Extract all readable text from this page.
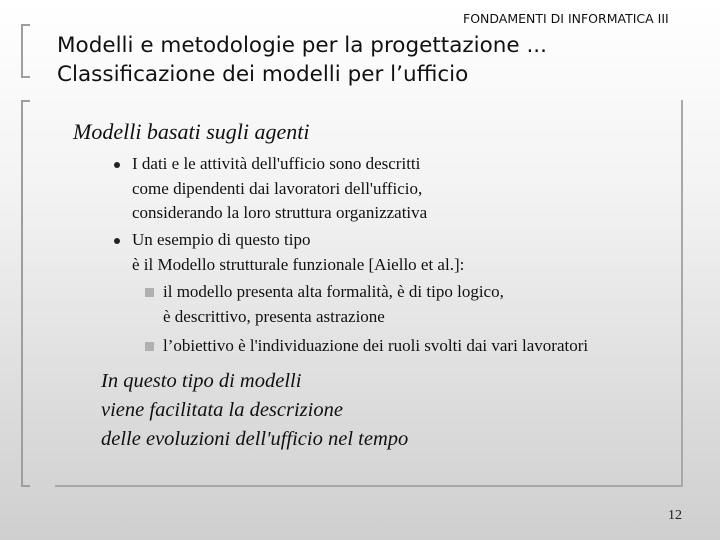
FONDAMENTI DI INFORMATICA III
Modelli e metodologie per la progettazione ...
Classificazione dei modelli per l’ufficio
Modelli basati sugli agenti
I dati e le attività dell'ufficio sono descritti
come dipendenti dai lavoratori dell'ufficio,
considerando la loro struttura organizzativa
Un esempio di questo tipo
è il Modello strutturale funzionale [Aiello et al.]:
il modello presenta alta formalità, è di tipo logico,
è descrittivo, presenta astrazione
l’obiettivo è l'individuazione dei ruoli svolti dai vari lavoratori
In questo tipo di modelli
viene facilitata la descrizione
delle evoluzioni dell'ufficio nel tempo
12
